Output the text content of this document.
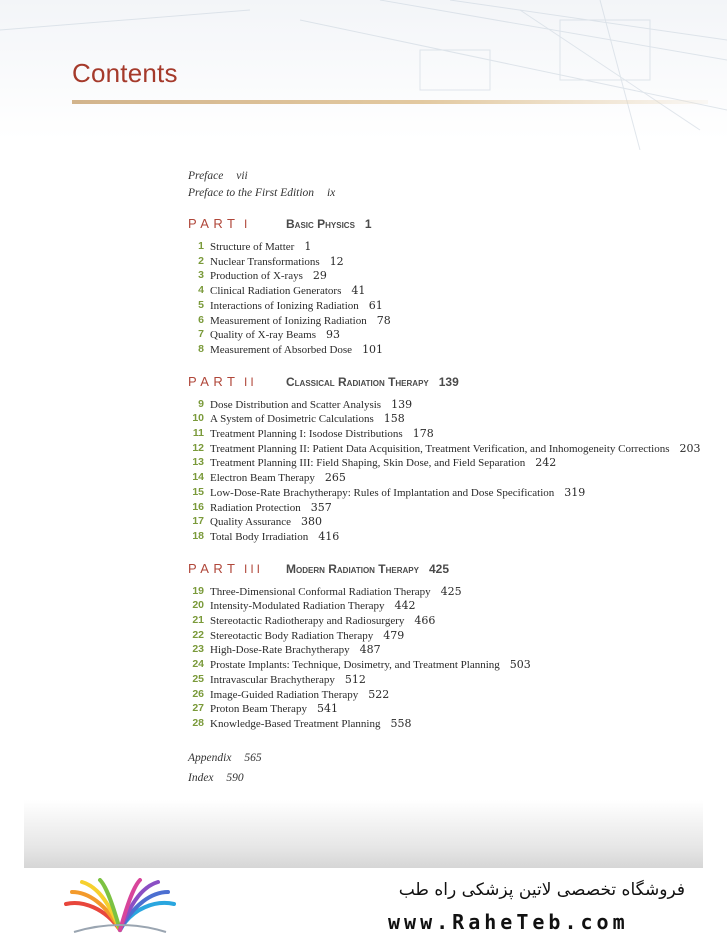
Contents
Preface vii
Preface to the First Edition ix
PART I	Basic Physics 1
1 Structure of Matter 1
2 Nuclear Transformations 12
3 Production of X-rays 29
4 Clinical Radiation Generators 41
5 Interactions of Ionizing Radiation 61
6 Measurement of Ionizing Radiation 78
7 Quality of X-ray Beams 93
8 Measurement of Absorbed Dose 101
PART II	Classical Radiation Therapy 139
9 Dose Distribution and Scatter Analysis 139
10 A System of Dosimetric Calculations 158
11 Treatment Planning I: Isodose Distributions 178
12 Treatment Planning II: Patient Data Acquisition, Treatment Verification, and Inhomogeneity Corrections 203
13 Treatment Planning III: Field Shaping, Skin Dose, and Field Separation 242
14 Electron Beam Therapy 265
15 Low-Dose-Rate Brachytherapy: Rules of Implantation and Dose Specification 319
16 Radiation Protection 357
17 Quality Assurance 380
18 Total Body Irradiation 416
PART III	Modern Radiation Therapy 425
19 Three-Dimensional Conformal Radiation Therapy 425
20 Intensity-Modulated Radiation Therapy 442
21 Stereotactic Radiotherapy and Radiosurgery 466
22 Stereotactic Body Radiation Therapy 479
23 High-Dose-Rate Brachytherapy 487
24 Prostate Implants: Technique, Dosimetry, and Treatment Planning 503
25 Intravascular Brachytherapy 512
26 Image-Guided Radiation Therapy 522
27 Proton Beam Therapy 541
28 Knowledge-Based Treatment Planning 558
Appendix 565
Index 590
فروشگاه تخصصی لاتین پزشکی راه طب
www.RaheTeb.com
